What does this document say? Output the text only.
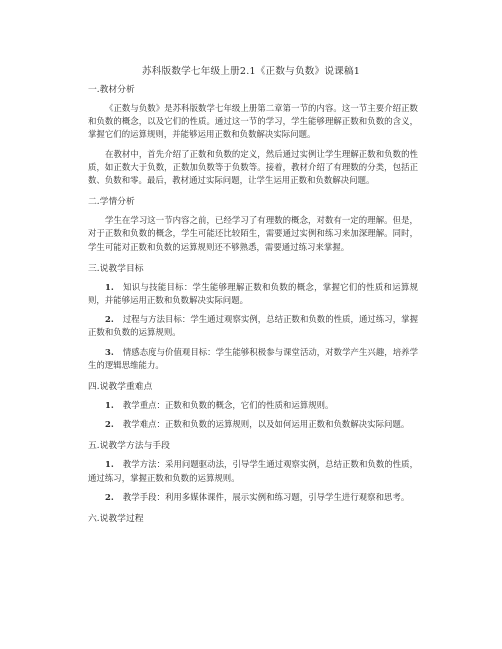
苏科版数学七年级上册2.1《正数与负数》说课稿1
一.教材分析

《正数与负数》是苏科版数学七年级上册第二章第一节的内容。这一节主要介绍正数和负数的概念，以及它们的性质。通过这一节的学习，学生能够理解正数和负数的含义，掌握它们的运算规则，并能够运用正数和负数解决实际问题。

在教材中，首先介绍了正数和负数的定义，然后通过实例让学生理解正数和负数的性质，如正数大于负数，正数加负数等于负数等。接着，教材介绍了有理数的分类，包括正数、负数和零。最后，教材通过实际问题，让学生运用正数和负数解决问题。

二.学情分析

学生在学习这一节内容之前，已经学习了有理数的概念，对数有一定的理解。但是，对于正数和负数的概念，学生可能还比较陌生，需要通过实例和练习来加深理解。同时，学生可能对正数和负数的运算规则还不够熟悉，需要通过练习来掌握。

三.说教学目标

1. 知识与技能目标：学生能够理解正数和负数的概念，掌握它们的性质和运算规则，并能够运用正数和负数解决实际问题。

2. 过程与方法目标：学生通过观察实例，总结正数和负数的性质，通过练习，掌握正数和负数的运算规则。

3. 情感态度与价值观目标：学生能够积极参与课堂活动，对数学产生兴趣，培养学生的逻辑思维能力。

四.说教学重难点

1. 教学重点：正数和负数的概念，它们的性质和运算规则。

2. 教学难点：正数和负数的运算规则，以及如何运用正数和负数解决实际问题。

五.说教学方法与手段

1. 教学方法：采用问题驱动法，引导学生通过观察实例，总结正数和负数的性质，通过练习，掌握正数和负数的运算规则。

2. 教学手段：利用多媒体课件，展示实例和练习题，引导学生进行观察和思考。

六.说教学过程
